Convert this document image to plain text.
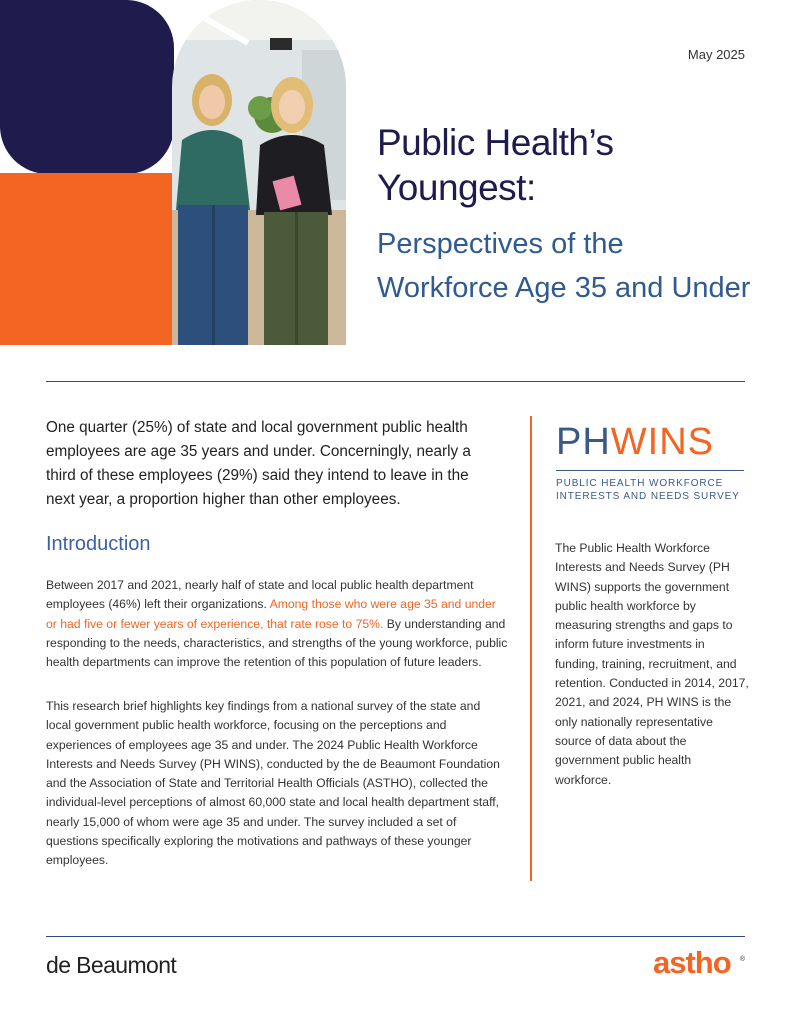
May 2025
Public Health’s Youngest:
Perspectives of the Workforce Age 35 and Under
One quarter (25%) of state and local government public health employees are age 35 years and under. Concerningly, nearly a third of these employees (29%) said they intend to leave in the next year, a proportion higher than other employees.
Introduction
Between 2017 and 2021, nearly half of state and local public health department employees (46%) left their organizations. Among those who were age 35 and under or had five or fewer years of experience, that rate rose to 75%. By understanding and responding to the needs, characteristics, and strengths of the young workforce, public health departments can improve the retention of this population of future leaders.
This research brief highlights key findings from a national survey of the state and local government public health workforce, focusing on the perceptions and experiences of employees age 35 and under. The 2024 Public Health Workforce Interests and Needs Survey (PH WINS), conducted by the de Beaumont Foundation and the Association of State and Territorial Health Officials (ASTHO), collected the individual-level perceptions of almost 60,000 state and local health department staff, nearly 15,000 of whom were age 35 and under. The survey included a set of questions specifically exploring the motivations and pathways of these younger employees.
PHWINS
PUBLIC HEALTH WORKFORCE
INTERESTS AND NEEDS SURVEY
The Public Health Workforce Interests and Needs Survey (PH WINS) supports the government public health workforce by measuring strengths and gaps to inform future investments in funding, training, recruitment, and retention. Conducted in 2014, 2017, 2021, and 2024, PH WINS is the only nationally representative source of data about the government public health workforce.
de Beaumont	astho ®
